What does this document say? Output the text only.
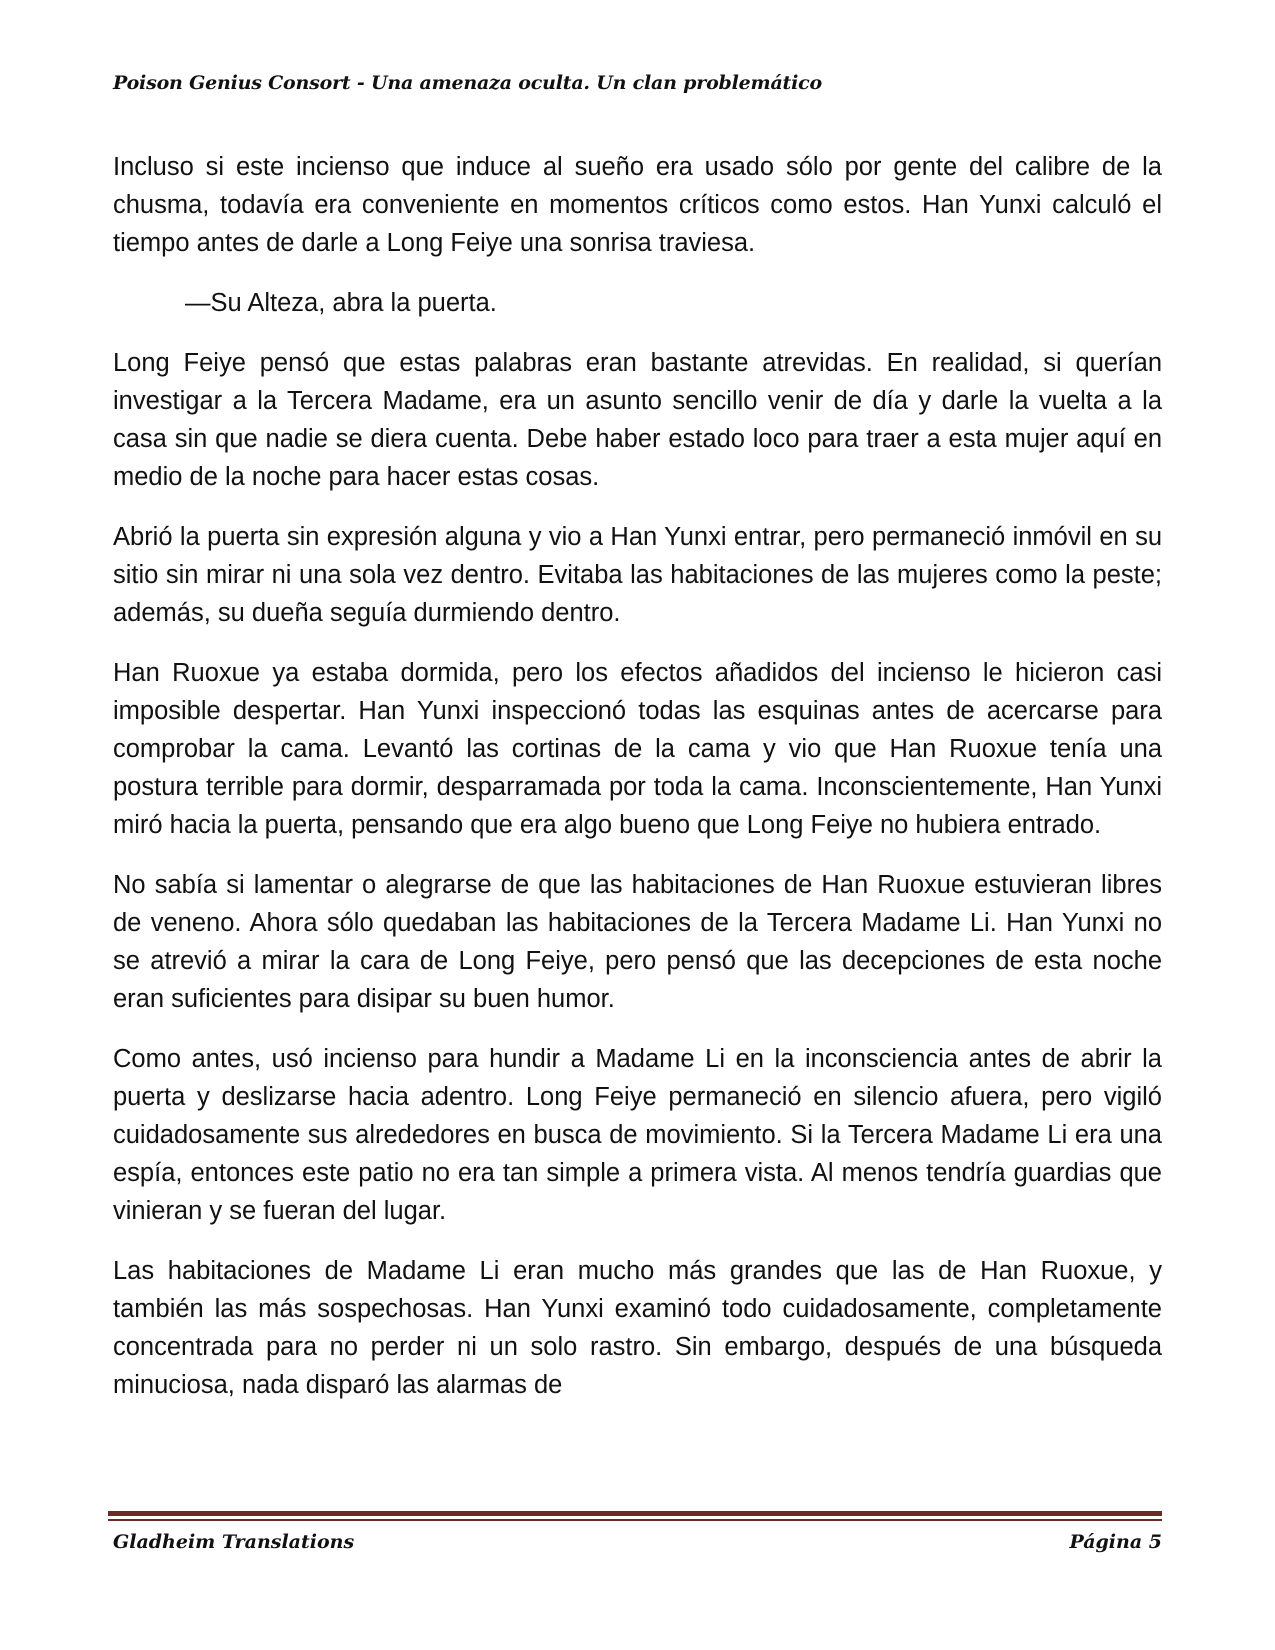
Poison Genius Consort - Una amenaza oculta. Un clan problemático

Incluso si este incienso que induce al sueño era usado sólo por gente del calibre de la chusma, todavía era conveniente en momentos críticos como estos. Han Yunxi calculó el tiempo antes de darle a Long Feiye una sonrisa traviesa.

—Su Alteza, abra la puerta.

Long Feiye pensó que estas palabras eran bastante atrevidas. En realidad, si querían investigar a la Tercera Madame, era un asunto sencillo venir de día y darle la vuelta a la casa sin que nadie se diera cuenta. Debe haber estado loco para traer a esta mujer aquí en medio de la noche para hacer estas cosas.

Abrió la puerta sin expresión alguna y vio a Han Yunxi entrar, pero permaneció inmóvil en su sitio sin mirar ni una sola vez dentro. Evitaba las habitaciones de las mujeres como la peste; además, su dueña seguía durmiendo dentro.

Han Ruoxue ya estaba dormida, pero los efectos añadidos del incienso le hicieron casi imposible despertar. Han Yunxi inspeccionó todas las esquinas antes de acercarse para comprobar la cama. Levantó las cortinas de la cama y vio que Han Ruoxue tenía una postura terrible para dormir, desparramada por toda la cama. Inconscientemente, Han Yunxi miró hacia la puerta, pensando que era algo bueno que Long Feiye no hubiera entrado.

No sabía si lamentar o alegrarse de que las habitaciones de Han Ruoxue estuvieran libres de veneno. Ahora sólo quedaban las habitaciones de la Tercera Madame Li. Han Yunxi no se atrevió a mirar la cara de Long Feiye, pero pensó que las decepciones de esta noche eran suficientes para disipar su buen humor.

Como antes, usó incienso para hundir a Madame Li en la inconsciencia antes de abrir la puerta y deslizarse hacia adentro. Long Feiye permaneció en silencio afuera, pero vigiló cuidadosamente sus alrededores en busca de movimiento. Si la Tercera Madame Li era una espía, entonces este patio no era tan simple a primera vista. Al menos tendría guardias que vinieran y se fueran del lugar.

Las habitaciones de Madame Li eran mucho más grandes que las de Han Ruoxue, y también las más sospechosas. Han Yunxi examinó todo cuidadosamente, completamente concentrada para no perder ni un solo rastro. Sin embargo, después de una búsqueda minuciosa, nada disparó las alarmas de

Gladheim Translations	Página 5
